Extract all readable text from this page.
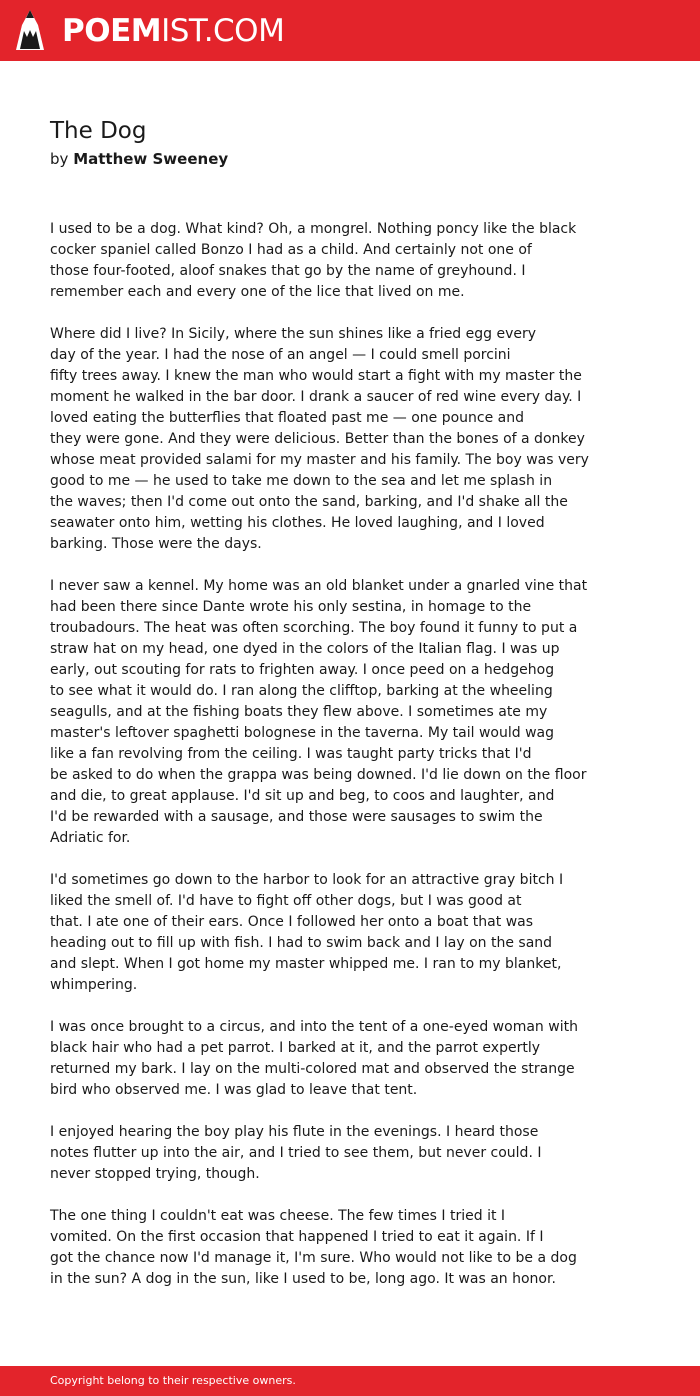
POEMIST.COM
The Dog
by Matthew Sweeney

I used to be a dog. What kind? Oh, a mongrel. Nothing poncy like the black
cocker spaniel called Bonzo I had as a child. And certainly not one of
those four-footed, aloof snakes that go by the name of greyhound. I
remember each and every one of the lice that lived on me.

Where did I live? In Sicily, where the sun shines like a fried egg every
day of the year. I had the nose of an angel — I could smell porcini
fifty trees away. I knew the man who would start a fight with my master the
moment he walked in the bar door. I drank a saucer of red wine every day. I
loved eating the butterflies that floated past me — one pounce and
they were gone. And they were delicious. Better than the bones of a donkey
whose meat provided salami for my master and his family. The boy was very
good to me — he used to take me down to the sea and let me splash in
the waves; then I'd come out onto the sand, barking, and I'd shake all the
seawater onto him, wetting his clothes. He loved laughing, and I loved
barking. Those were the days.

I never saw a kennel. My home was an old blanket under a gnarled vine that
had been there since Dante wrote his only sestina, in homage to the
troubadours. The heat was often scorching. The boy found it funny to put a
straw hat on my head, one dyed in the colors of the Italian flag. I was up
early, out scouting for rats to frighten away. I once peed on a hedgehog
to see what it would do. I ran along the clifftop, barking at the wheeling
seagulls, and at the fishing boats they flew above. I sometimes ate my
master's leftover spaghetti bolognese in the taverna. My tail would wag
like a fan revolving from the ceiling. I was taught party tricks that I'd
be asked to do when the grappa was being downed. I'd lie down on the floor
and die, to great applause. I'd sit up and beg, to coos and laughter, and
I'd be rewarded with a sausage, and those were sausages to swim the
Adriatic for.

I'd sometimes go down to the harbor to look for an attractive gray bitch I
liked the smell of. I'd have to fight off other dogs, but I was good at
that. I ate one of their ears. Once I followed her onto a boat that was
heading out to fill up with fish. I had to swim back and I lay on the sand
and slept. When I got home my master whipped me. I ran to my blanket,
whimpering.

I was once brought to a circus, and into the tent of a one-eyed woman with
black hair who had a pet parrot. I barked at it, and the parrot expertly
returned my bark. I lay on the multi-colored mat and observed the strange
bird who observed me. I was glad to leave that tent.

I enjoyed hearing the boy play his flute in the evenings. I heard those
notes flutter up into the air, and I tried to see them, but never could. I
never stopped trying, though.

The one thing I couldn't eat was cheese. The few times I tried it I
vomited. On the first occasion that happened I tried to eat it again. If I
got the chance now I'd manage it, I'm sure. Who would not like to be a dog
in the sun? A dog in the sun, like I used to be, long ago. It was an honor.

Copyright belong to their respective owners.
